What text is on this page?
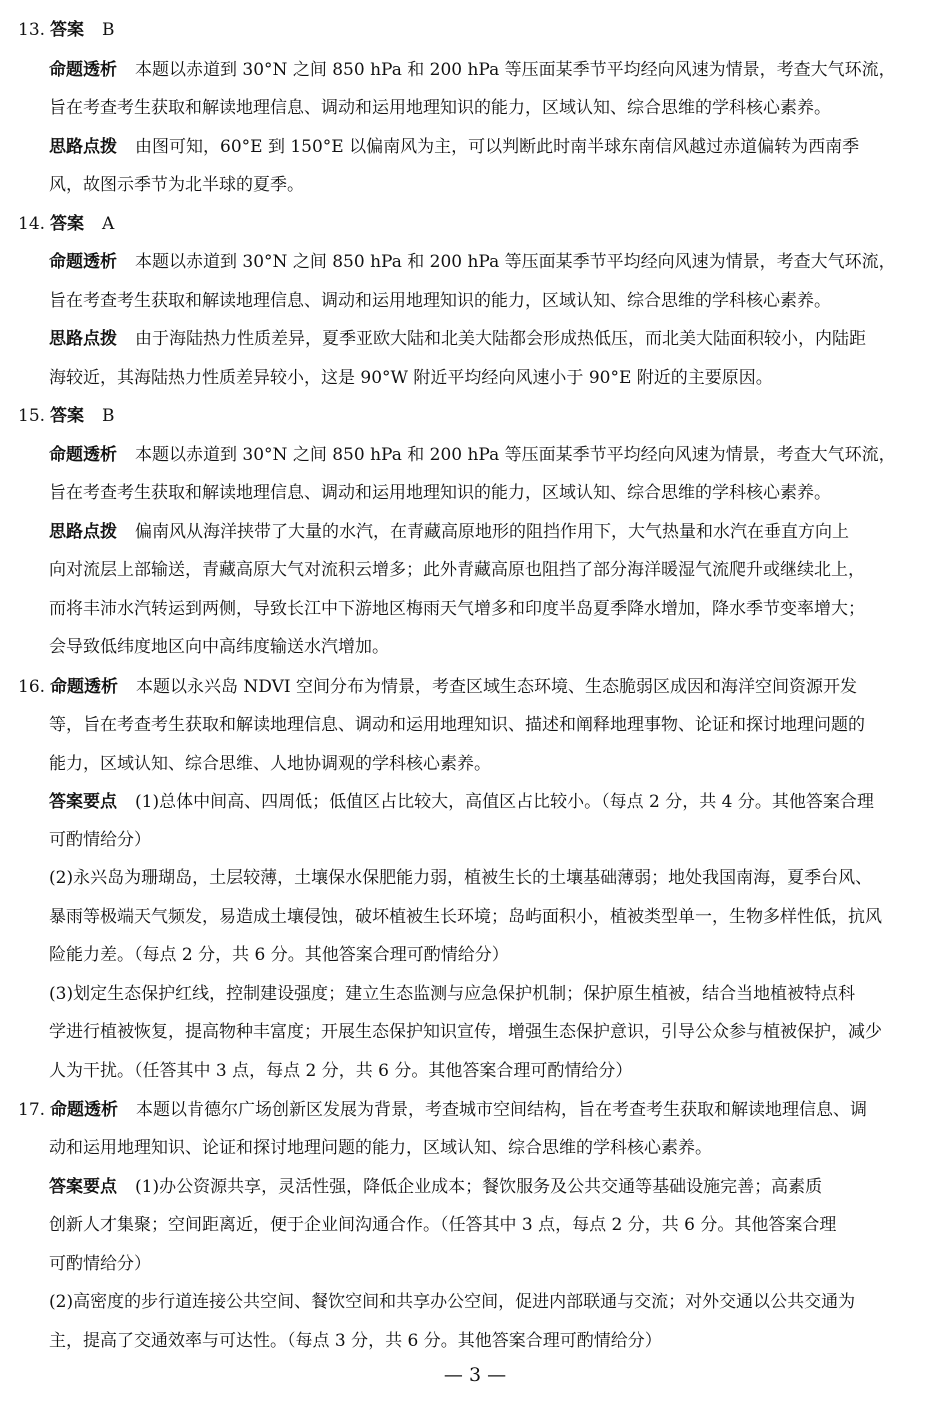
13. 答案 B
命题透析 本题以赤道到 30°N 之间 850 hPa 和 200 hPa 等压面某季节平均经向风速为情景，考查大气环流，
旨在考查考生获取和解读地理信息、调动和运用地理知识的能力，区域认知、综合思维的学科核心素养。
思路点拨 由图可知，60°E 到 150°E 以偏南风为主，可以判断此时南半球东南信风越过赤道偏转为西南季
风，故图示季节为北半球的夏季。
14. 答案 A
命题透析 本题以赤道到 30°N 之间 850 hPa 和 200 hPa 等压面某季节平均经向风速为情景，考查大气环流，
旨在考查考生获取和解读地理信息、调动和运用地理知识的能力，区域认知、综合思维的学科核心素养。
思路点拨 由于海陆热力性质差异，夏季亚欧大陆和北美大陆都会形成热低压，而北美大陆面积较小，内陆距
海较近，其海陆热力性质差异较小，这是 90°W 附近平均经向风速小于 90°E 附近的主要原因。
15. 答案 B
命题透析 本题以赤道到 30°N 之间 850 hPa 和 200 hPa 等压面某季节平均经向风速为情景，考查大气环流，
旨在考查考生获取和解读地理信息、调动和运用地理知识的能力，区域认知、综合思维的学科核心素养。
思路点拨 偏南风从海洋挟带了大量的水汽，在青藏高原地形的阻挡作用下，大气热量和水汽在垂直方向上
向对流层上部输送，青藏高原大气对流积云增多；此外青藏高原也阻挡了部分海洋暖湿气流爬升或继续北上，
而将丰沛水汽转运到两侧，导致长江中下游地区梅雨天气增多和印度半岛夏季降水增加，降水季节变率增大；
会导致低纬度地区向中高纬度输送水汽增加。
16. 命题透析 本题以永兴岛 NDVI 空间分布为情景，考查区域生态环境、生态脆弱区成因和海洋空间资源开发
等，旨在考查考生获取和解读地理信息、调动和运用地理知识、描述和阐释地理事物、论证和探讨地理问题的
能力，区域认知、综合思维、人地协调观的学科核心素养。
答案要点 (1)总体中间高、四周低；低值区占比较大，高值区占比较小。（每点 2 分，共 4 分。其他答案合理
可酌情给分）
(2)永兴岛为珊瑚岛，土层较薄，土壤保水保肥能力弱，植被生长的土壤基础薄弱；地处我国南海，夏季台风、
暴雨等极端天气频发，易造成土壤侵蚀，破坏植被生长环境；岛屿面积小，植被类型单一，生物多样性低，抗风
险能力差。（每点 2 分，共 6 分。其他答案合理可酌情给分）
(3)划定生态保护红线，控制建设强度；建立生态监测与应急保护机制；保护原生植被，结合当地植被特点科
学进行植被恢复，提高物种丰富度；开展生态保护知识宣传，增强生态保护意识，引导公众参与植被保护，减少
人为干扰。（任答其中 3 点，每点 2 分，共 6 分。其他答案合理可酌情给分）
17. 命题透析 本题以肯德尔广场创新区发展为背景，考查城市空间结构，旨在考查考生获取和解读地理信息、调
动和运用地理知识、论证和探讨地理问题的能力，区域认知、综合思维的学科核心素养。
答案要点 (1)办公资源共享，灵活性强，降低企业成本；餐饮服务及公共交通等基础设施完善；高素质
创新人才集聚；空间距离近，便于企业间沟通合作。（任答其中 3 点，每点 2 分，共 6 分。其他答案合理
可酌情给分）
(2)高密度的步行道连接公共空间、餐饮空间和共享办公空间，促进内部联通与交流；对外交通以公共交通为
主，提高了交通效率与可达性。（每点 3 分，共 6 分。其他答案合理可酌情给分）
— 3 —
